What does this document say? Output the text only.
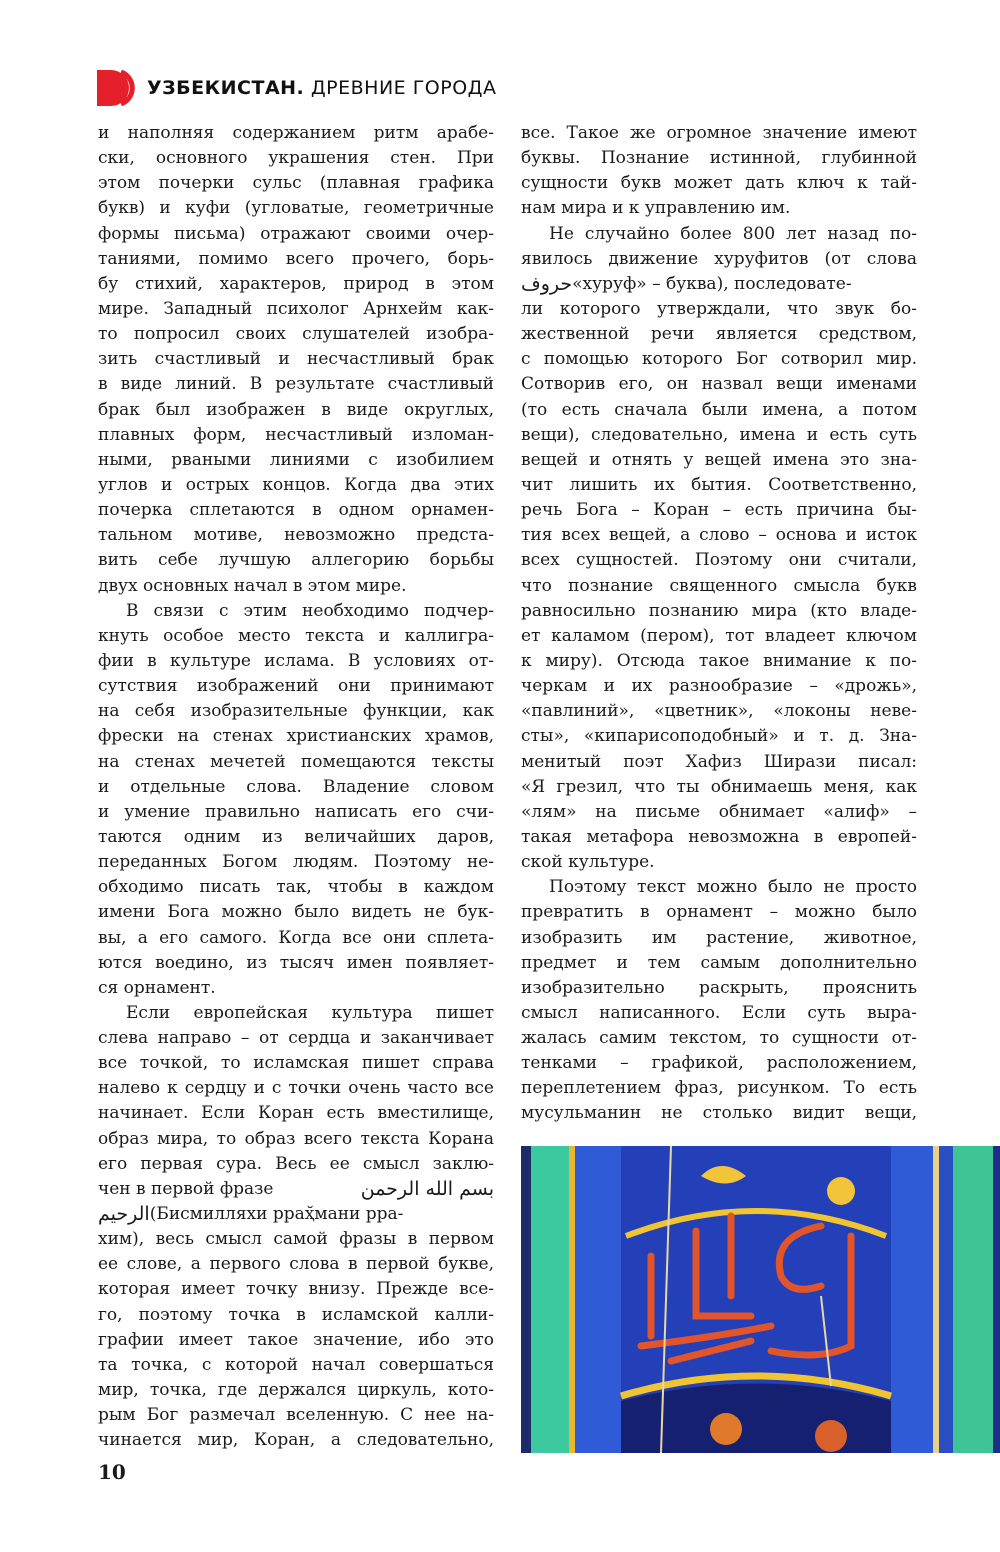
УЗБЕКИСТАН. ДРЕВНИЕ ГОРОДА
и наполняя содержанием ритм арабе-
ски, основного украшения стен. При
этом почерки сульс (плавная графика
букв) и куфи (угловатые, геометричные
формы письма) отражают своими очер-
таниями, помимо всего прочего, борь-
бу стихий, характеров, природ в этом
мире. Западный психолог Арнхейм как-
то попросил своих слушателей изобра-
зить счастливый и несчастливый брак
в виде линий. В результате счастливый
брак был изображен в виде округлых,
плавных форм, несчастливый изломан-
ными, рваными линиями с изобилием
углов и острых концов. Когда два этих
почерка сплетаются в одном орнамен-
тальном мотиве, невозможно предста-
вить себе лучшую аллегорию борьбы
двух основных начал в этом мире.
В связи с этим необходимо подчер-
кнуть особое место текста и каллигра-
фии в культуре ислама. В условиях от-
сутствия изображений они принимают
на себя изобразительные функции, как
фрески на стенах христианских храмов,
на стенах мечетей помещаются тексты
и отдельные слова. Владение словом
и умение правильно написать его счи-
таются одним из величайших даров,
переданных Богом людям. Поэтому не-
обходимо писать так, чтобы в каждом
имени Бога можно было видеть не бук-
вы, а его самого. Когда все они сплета-
ются воедино, из тысяч имен появляет-
ся орнамент.
Если европейская культура пишет
слева направо – от сердца и заканчивает
все точкой, то исламская пишет справа
налево к сердцу и с точки очень часто все
начинает. Если Коран есть вместилище,
образ мира, то образ всего текста Корана
его первая сура. Весь ее смысл заклю-
чен в первой фразе	بسم الله الرحمن
الرحيم (Бисмилляхи рраҳ̆мани рра-
хим), весь смысл самой фразы в первом
ее слове, а первого слова в первой букве,
которая имеет точку внизу. Прежде все-
го, поэтому точка в исламской калли-
графии имеет такое значение, ибо это
та точка, с которой начал совершаться
мир, точка, где держался циркуль, кото-
рым Бог размечал вселенную. С нее на-
чинается мир, Коран, а следовательно,
все. Такое же огромное значение имеют
буквы. Познание истинной, глубинной
сущности букв может дать ключ к тай-
нам мира и к управлению им.
Не случайно более 800 лет назад по-
явилось движение хуруфитов (от слова
حروف «хуруф» – буква), последовате-
ли которого утверждали, что звук бо-
жественной речи является средством,
с помощью которого Бог сотворил мир.
Сотворив его, он назвал вещи именами
(то есть сначала были имена, а потом
вещи), следовательно, имена и есть суть
вещей и отнять у вещей имена это зна-
чит лишить их бытия. Соответственно,
речь Бога – Коран – есть причина бы-
тия всех вещей, а слово – основа и исток
всех сущностей. Поэтому они считали,
что познание священного смысла букв
равносильно познанию мира (кто владе-
ет каламом (пером), тот владеет ключом
к миру). Отсюда такое внимание к по-
черкам и их разнообразие – «дрожь»,
«павлиний», «цветник», «локоны неве-
сты», «кипарисоподобный» и т. д. Зна-
менитый поэт Хафиз Ширази писал:
«Я грезил, что ты обнимаешь меня, как
«лям» на письме обнимает «алиф» –
такая метафора невозможна в европей-
ской культуре.
Поэтому текст можно было не просто
превратить в орнамент – можно было
изобразить им растение, животное,
предмет и тем самым дополнительно
изобразительно раскрыть, прояснить
смысл написанного. Если суть выра-
жалась самим текстом, то сущности от-
тенками – графикой, расположением,
переплетением фраз, рисунком. То есть
мусульманин не столько видит вещи,
10
